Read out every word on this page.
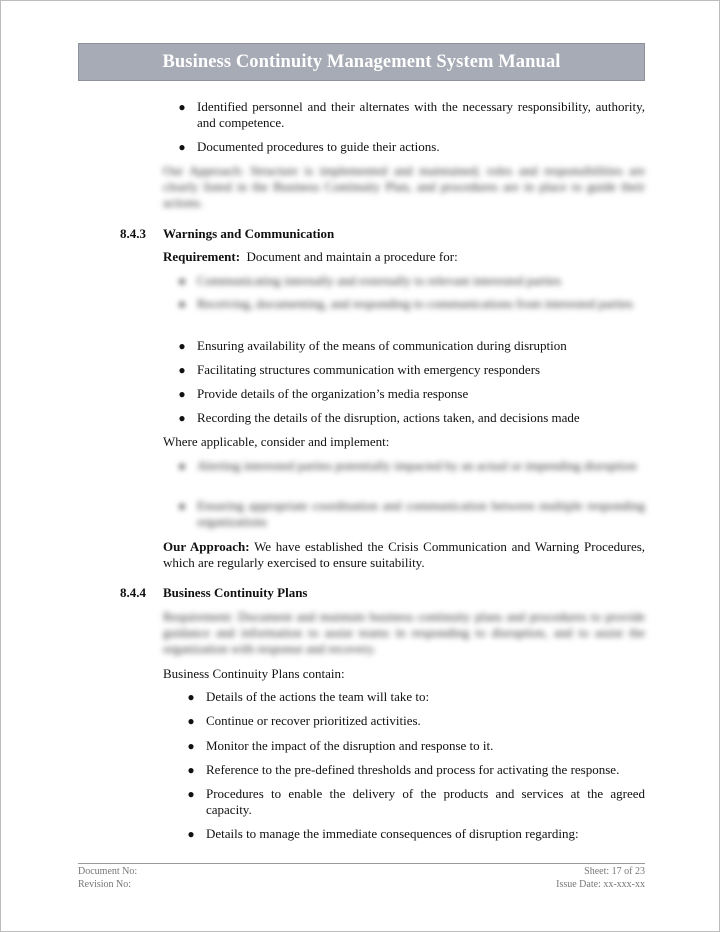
Business Continuity Management System Manual
● Identified personnel and their alternates with the necessary responsibility, authority, and competence.
● Documented procedures to guide their actions.
Our Approach: Structure is implemented and maintained; roles and responsibilities are clearly listed in the Business Continuity Plan, and procedures are in place to guide their actions.
8.4.3 Warnings and Communication
Requirement: Document and maintain a procedure for:
● Communicating internally and externally to relevant interested parties
● Receiving, documenting, and responding to communications from interested parties
● Ensuring availability of the means of communication during disruption
● Facilitating structures communication with emergency responders
● Provide details of the organization’s media response
● Recording the details of the disruption, actions taken, and decisions made
Where applicable, consider and implement:
● Alerting interested parties potentially impacted by an actual or impending disruption
● Ensuring appropriate coordination and communication between multiple responding organizations
Our Approach: We have established the Crisis Communication and Warning Procedures, which are regularly exercised to ensure suitability.
8.4.4 Business Continuity Plans
Requirement: Document and maintain business continuity plans and procedures to provide guidance and information to assist teams in responding to disruption, and to assist the organization with response and recovery.
Business Continuity Plans contain:
● Details of the actions the team will take to:
● Continue or recover prioritized activities.
● Monitor the impact of the disruption and response to it.
● Reference to the pre-defined thresholds and process for activating the response.
● Procedures to enable the delivery of the products and services at the agreed capacity.
● Details to manage the immediate consequences of disruption regarding:
Document No:
Revision No:
Sheet: 17 of 23
Issue Date: xx-xxx-xx
